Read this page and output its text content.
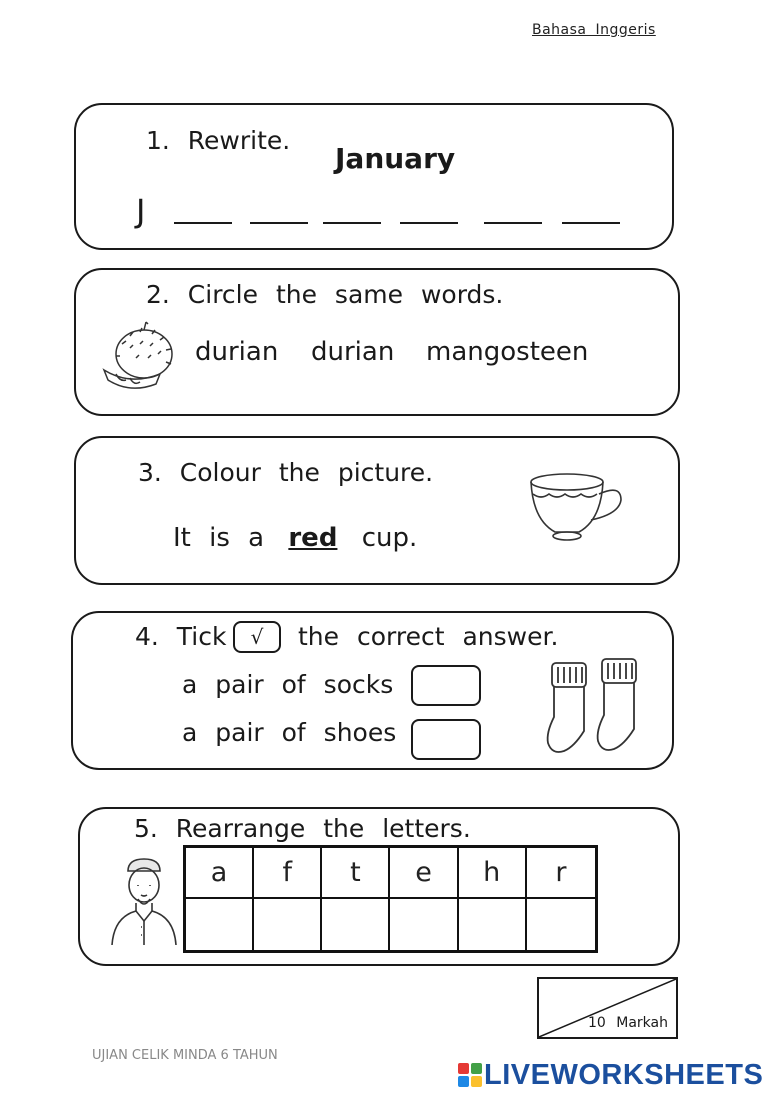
Bahasa Inggeris
1. Rewrite.
January
J
2. Circle the same words.
durian durian mangosteen
3. Colour the picture.
It is a red cup.
4. Tick √ the correct answer.
a pair of socks
a pair of shoes
5. Rearrange the letters.
a	f	t	e	h	r
10 Markah
UJIAN CELIK MINDA 6 TAHUN
LIVEWORKSHEETS
